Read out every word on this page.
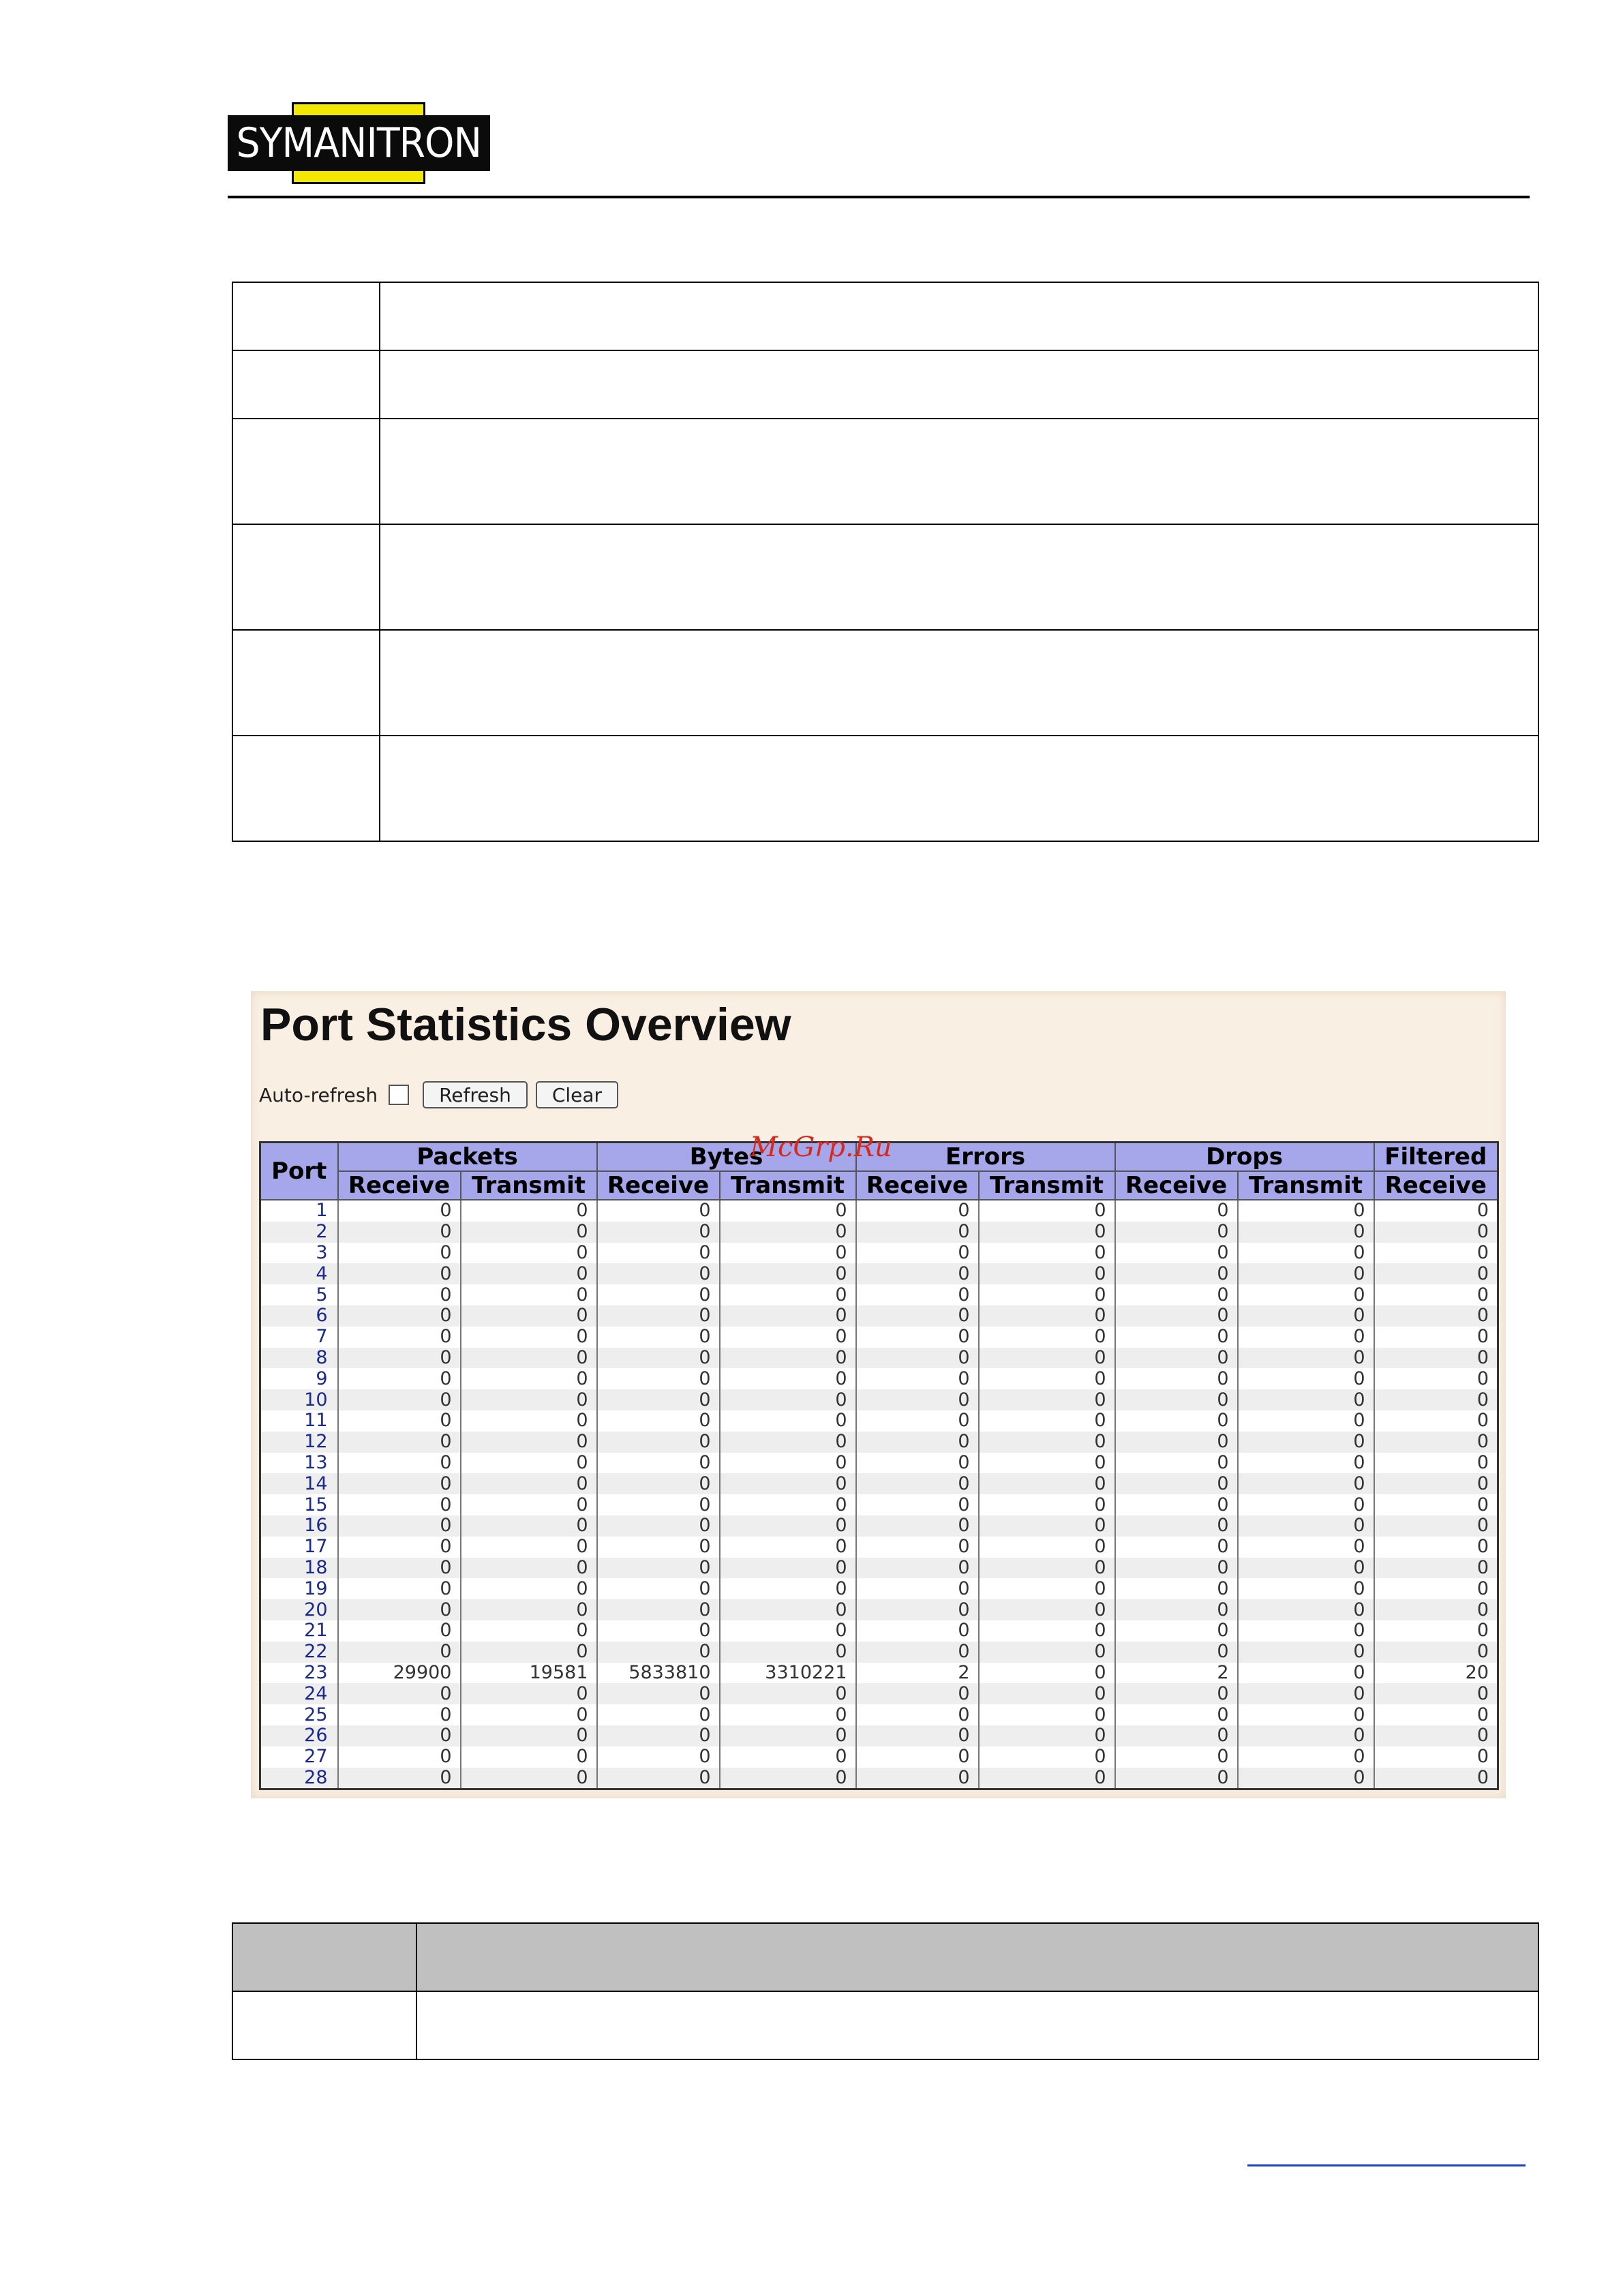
SYMANITRON

Port Statistics Overview
Auto-refresh	Refresh	Clear
Port	Packets		Bytes		Errors		Drops		Filtered
	Receive	Transmit	Receive	Transmit	Receive	Transmit	Receive	Transmit	Receive
1	0	0	0	0	0	0	0	0	0
2	0	0	0	0	0	0	0	0	0
3	0	0	0	0	0	0	0	0	0
4	0	0	0	0	0	0	0	0	0
5	0	0	0	0	0	0	0	0	0
6	0	0	0	0	0	0	0	0	0
7	0	0	0	0	0	0	0	0	0
8	0	0	0	0	0	0	0	0	0
9	0	0	0	0	0	0	0	0	0
10	0	0	0	0	0	0	0	0	0
11	0	0	0	0	0	0	0	0	0
12	0	0	0	0	0	0	0	0	0
13	0	0	0	0	0	0	0	0	0
14	0	0	0	0	0	0	0	0	0
15	0	0	0	0	0	0	0	0	0
16	0	0	0	0	0	0	0	0	0
17	0	0	0	0	0	0	0	0	0
18	0	0	0	0	0	0	0	0	0
19	0	0	0	0	0	0	0	0	0
20	0	0	0	0	0	0	0	0	0
21	0	0	0	0	0	0	0	0	0
22	0	0	0	0	0	0	0	0	0
23	29900	19581	5833810	3310221	2	0	2	0	20
24	0	0	0	0	0	0	0	0	0
25	0	0	0	0	0	0	0	0	0
26	0	0	0	0	0	0	0	0	0
27	0	0	0	0	0	0	0	0	0
28	0	0	0	0	0	0	0	0	0
McGrp.Ru
